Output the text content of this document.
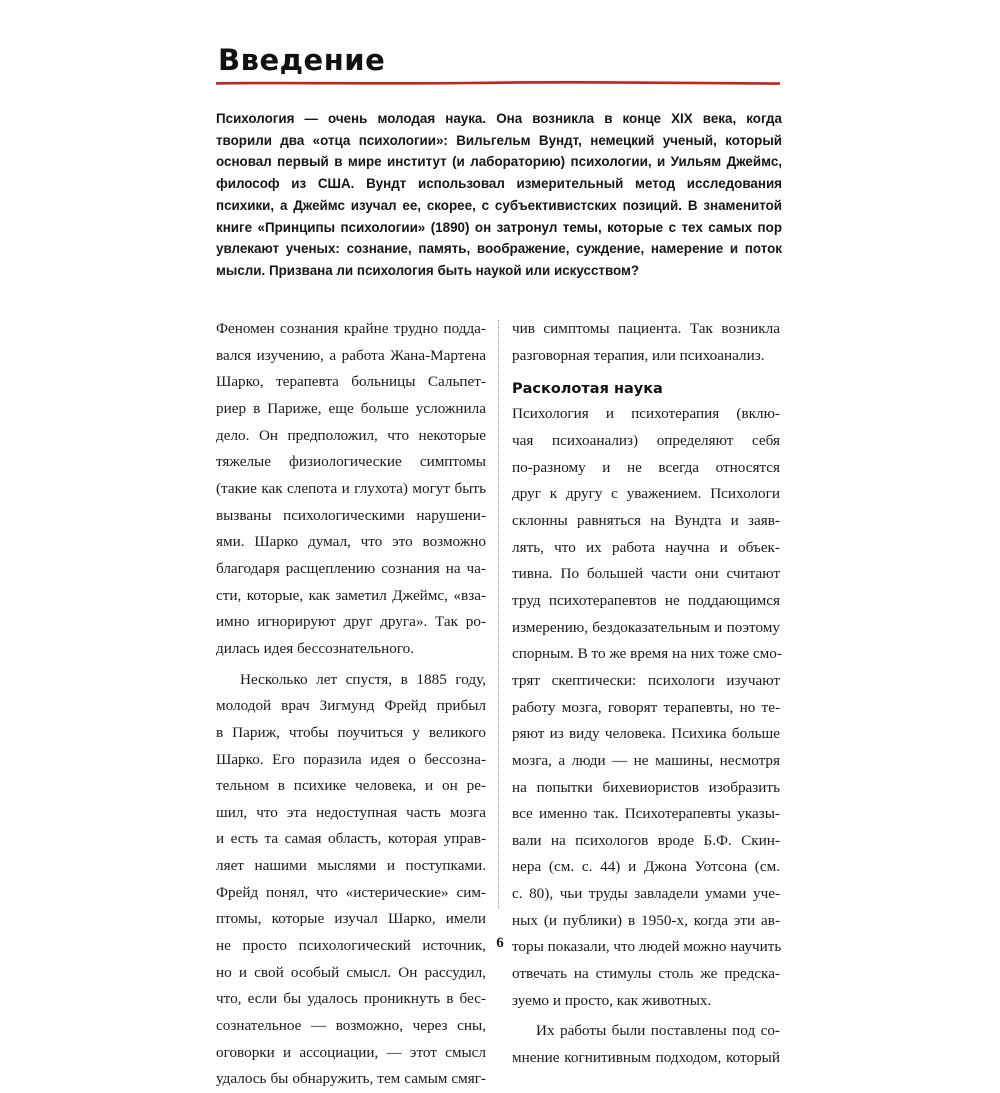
Введение
Психология — очень молодая наука. Она возникла в конце XIX века, когда
творили два «отца психологии»: Вильгельм Вундт, немецкий ученый, который
основал первый в мире институт (и лабораторию) психологии, и Уильям Джеймс,
философ из США. Вундт использовал измерительный метод исследования
психики, а Джеймс изучал ее, скорее, с субъективистских позиций. В знаменитой
книге «Принципы психологии» (1890) он затронул темы, которые с тех самых пор
увлекают ученых: сознание, память, воображение, суждение, намерение и поток
мысли. Призвана ли психология быть наукой или искусством?
Феномен сознания крайне трудно подда-
вался изучению, а работа Жана-Мартена
Шарко, терапевта больницы Сальпет-
риер в Париже, еще больше усложнила
дело. Он предположил, что некоторые
тяжелые физиологические симптомы
(такие как слепота и глухота) могут быть
вызваны психологическими нарушени-
ями. Шарко думал, что это возможно
благодаря расщеплению сознания на ча-
сти, которые, как заметил Джеймс, «вза-
имно игнорируют друг друга». Так ро-
дилась идея бессознательного.
Несколько лет спустя, в 1885 году,
молодой врач Зигмунд Фрейд прибыл
в Париж, чтобы поучиться у великого
Шарко. Его поразила идея о бессозна-
тельном в психике человека, и он ре-
шил, что эта недоступная часть мозга
и есть та самая область, которая управ-
ляет нашими мыслями и поступками.
Фрейд понял, что «истерические» сим-
птомы, которые изучал Шарко, имели
не просто психологический источник,
но и свой особый смысл. Он рассудил,
что, если бы удалось проникнуть в бес-
сознательное — возможно, через сны,
оговорки и ассоциации, — этот смысл
удалось бы обнаружить, тем самым смяг-
чив симптомы пациента. Так возникла
разговорная терапия, или психоанализ.
Расколотая наука
Психология и психотерапия (вклю-
чая психоанализ) определяют себя
по-разному и не всегда относятся
друг к другу с уважением. Психологи
склонны равняться на Вундта и заяв-
лять, что их работа научна и объек-
тивна. По большей части они считают
труд психотерапевтов не поддающимся
измерению, бездоказательным и поэтому
спорным. В то же время на них тоже смо-
трят скептически: психологи изучают
работу мозга, говорят терапевты, но те-
ряют из виду человека. Психика больше
мозга, а люди — не машины, несмотря
на попытки бихевиористов изобразить
все именно так. Психотерапевты указы-
вали на психологов вроде Б.Ф. Скин-
нера (см. с. 44) и Джона Уотсона (см.
с. 80), чьи труды завладели умами уче-
ных (и публики) в 1950-х, когда эти ав-
торы показали, что людей можно научить
отвечать на стимулы столь же предска-
зуемо и просто, как животных.
Их работы были поставлены под со-
мнение когнитивным подходом, который
6
